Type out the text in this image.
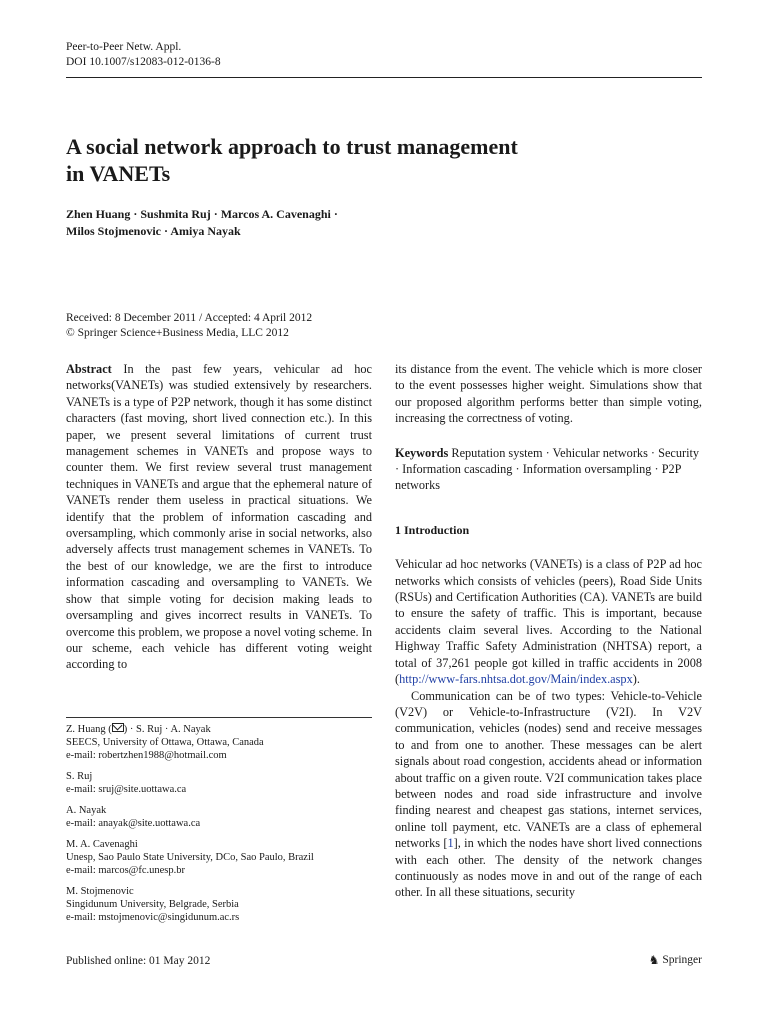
Peer-to-Peer Netw. Appl.
DOI 10.1007/s12083-012-0136-8
A social network approach to trust management
in VANETs
Zhen Huang · Sushmita Ruj · Marcos A. Cavenaghi ·
Milos Stojmenovic · Amiya Nayak
Received: 8 December 2011 / Accepted: 4 April 2012
© Springer Science+Business Media, LLC 2012

Abstract In the past few years, vehicular ad hoc networks(VANETs) was studied extensively by researchers. VANETs is a type of P2P network, though it has some distinct characters (fast moving, short lived connection etc.). In this paper, we present several limitations of current trust management schemes in VANETs and propose ways to counter them. We first review several trust management techniques in VANETs and argue that the ephemeral nature of VANETs render them useless in practical situations. We identify that the problem of information cascading and oversampling, which commonly arise in social networks, also adversely affects trust management schemes in VANETs. To the best of our knowledge, we are the first to introduce information cascading and oversampling to VANETs. We show that simple voting for decision making leads to oversampling and gives incorrect results in VANETs. To overcome this problem, we propose a novel voting scheme. In our scheme, each vehicle has different voting weight according to

its distance from the event. The vehicle which is more closer to the event possesses higher weight. Simulations show that our proposed algorithm performs better than simple voting, increasing the correctness of voting.

Keywords Reputation system · Vehicular networks · Security · Information cascading · Information oversampling · P2P networks

1 Introduction

Vehicular ad hoc networks (VANETs) is a class of P2P ad hoc networks which consists of vehicles (peers), Road Side Units (RSUs) and Certification Authorities (CA). VANETs are build to ensure the safety of traffic. This is important, because accidents claim several lives. According to the National Highway Traffic Safety Administration (NHTSA) report, a total of 37,261 people got killed in traffic accidents in 2008 (http://www-fars.nhtsa.dot.gov/Main/index.aspx).

Communication can be of two types: Vehicle-to-Vehicle (V2V) or Vehicle-to-Infrastructure (V2I). In V2V communication, vehicles (nodes) send and receive messages to and from one to another. These messages can be alert signals about road congestion, accidents ahead or information about traffic on a given route. V2I communication takes place between nodes and road side infrastructure and involve finding nearest and cheapest gas stations, internet services, online toll payment, etc. VANETs are a class of ephemeral networks [1], in which the nodes have short lived connections with each other. The density of the network changes continuously as nodes move in and out of the range of each other. In all these situations, security

Z. Huang ( ) · S. Ruj · A. Nayak
SEECS, University of Ottawa, Ottawa, Canada
e-mail: robertzhen1988@hotmail.com
S. Ruj
e-mail: sruj@site.uottawa.ca
A. Nayak
e-mail: anayak@site.uottawa.ca
M. A. Cavenaghi
Unesp, Sao Paulo State University, DCo, Sao Paulo, Brazil
e-mail: marcos@fc.unesp.br
M. Stojmenovic
Singidunum University, Belgrade, Serbia
e-mail: mstojmenovic@singidunum.ac.rs
Published online: 01 May 2012	♞ Springer
